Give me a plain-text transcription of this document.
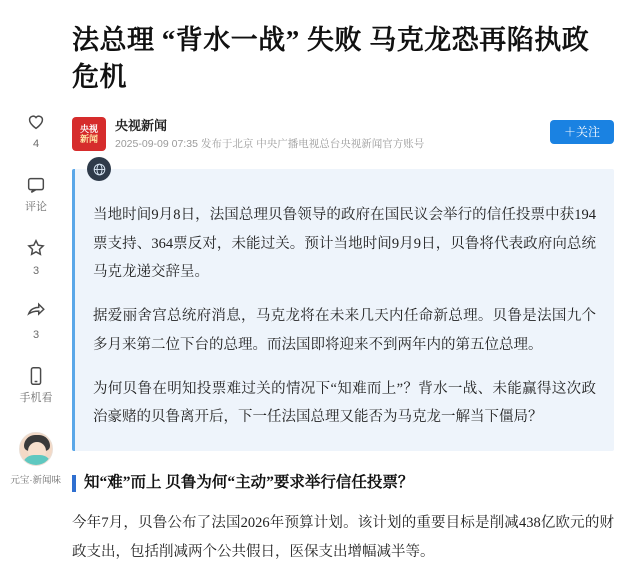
4
评论
3
3
手机看
元宝·新闻味
法总理 “背水一战” 失败 马克龙恐再陷执政危机
央视
新闻
央视新闻
2025-09-09 07:35 发布于北京 中央广播电视总台央视新闻官方账号
＋关注

当地时间9月8日，法国总理贝鲁领导的政府在国民议会举行的信任投票中获194票支持、364票反对，未能过关。预计当地时间9月9日，贝鲁将代表政府向总统马克龙递交辞呈。

据爱丽舍宫总统府消息，马克龙将在未来几天内任命新总理。贝鲁是法国九个多月来第二位下台的总理。而法国即将迎来不到两年内的第五位总理。

为何贝鲁在明知投票难过关的情况下“知难而上”？背水一战、未能赢得这次政治豪赌的贝鲁离开后，下一任法国总理又能否为马克龙一解当下僵局？

知“难”而上 贝鲁为何“主动”要求举行信任投票？

今年7月，贝鲁公布了法国2026年预算计划。该计划的重要目标是削减438亿欧元的财政支出，包括削减两个公共假日，医保支出增幅减半等。
